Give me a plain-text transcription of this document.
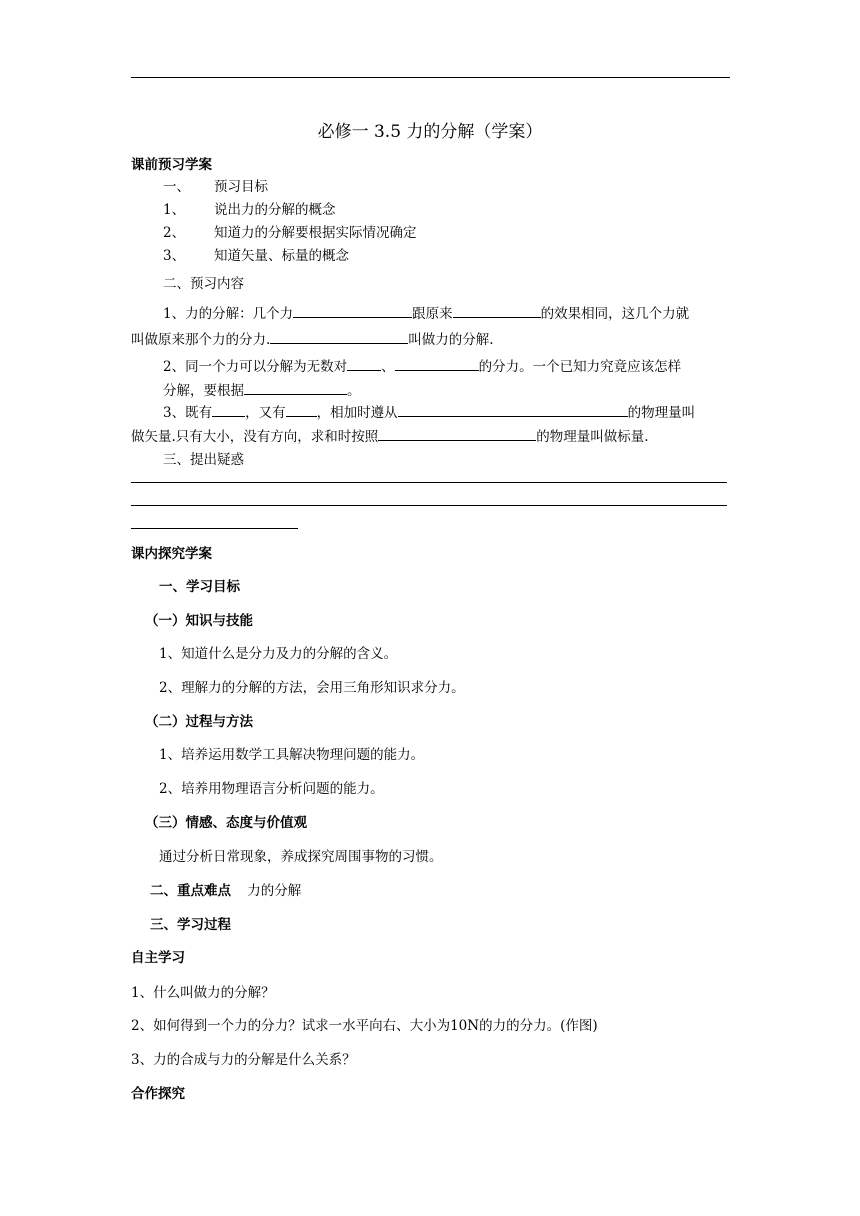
必修一 3.5 力的分解（学案）
课前预习学案
一、 预习目标
1、 说出力的分解的概念
2、 知道力的分解要根据实际情况确定
3、 知道矢量、标量的概念
二、预习内容
1、力的分解：几个力	跟原来	的效果相同，这几个力就
叫做原来那个力的分力.	叫做力的分解.
2、同一个力可以分解为无数对	、	的分力。一个已知力究竟应该怎样
分解，要根据	。
3、既有 ，又有 ，相加时遵从	的物理量叫
做矢量.只有大小，没有方向，求和时按照	的物理量叫做标量.
三、提出疑惑
课内探究学案
一、学习目标
（一）知识与技能
1、知道什么是分力及力的分解的含义。
2、理解力的分解的方法，会用三角形知识求分力。
（二）过程与方法
1、培养运用数学工具解决物理问题的能力。
2、培养用物理语言分析问题的能力。
（三）情感、态度与价值观
通过分析日常现象，养成探究周围事物的习惯。
二、重点难点 力的分解
三、学习过程
自主学习
1、什么叫做力的分解？
2、如何得到一个力的分力？试求一水平向右、大小为10N的力的分力。(作图)
3、力的合成与力的分解是什么关系？
合作探究
